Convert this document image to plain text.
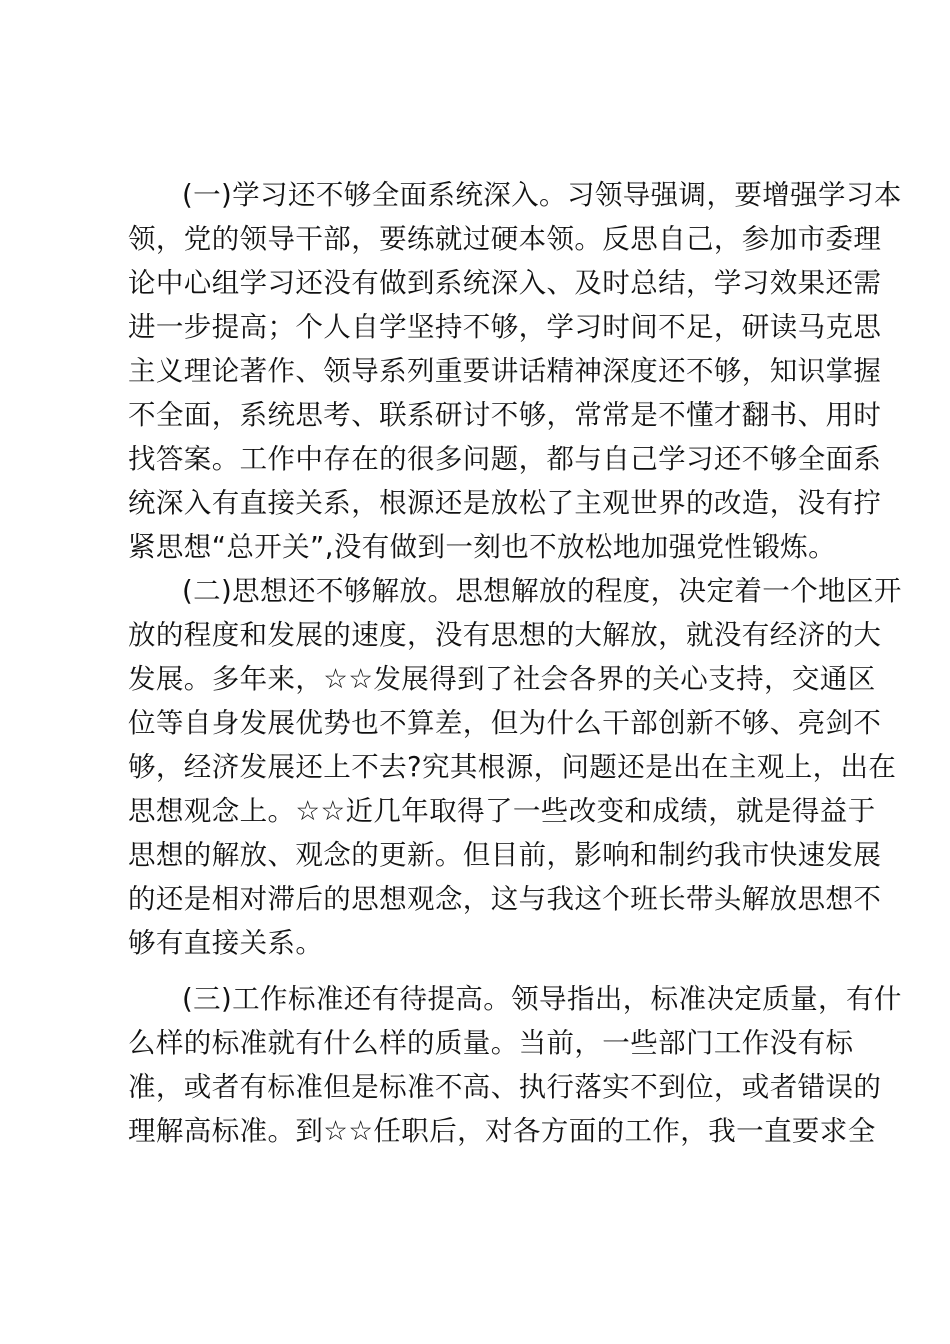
(一)学习还不够全面系统深入。习领导强调，要增强学习本
领，党的领导干部，要练就过硬本领。反思自己，参加市委理
论中心组学习还没有做到系统深入、及时总结，学习效果还需
进一步提高；个人自学坚持不够，学习时间不足，研读马克思
主义理论著作、领导系列重要讲话精神深度还不够，知识掌握
不全面，系统思考、联系研讨不够，常常是不懂才翻书、用时
找答案。工作中存在的很多问题，都与自己学习还不够全面系
统深入有直接关系，根源还是放松了主观世界的改造，没有拧
紧思想“总开关”,没有做到一刻也不放松地加强党性锻炼。
(二)思想还不够解放。思想解放的程度，决定着一个地区开
放的程度和发展的速度，没有思想的大解放，就没有经济的大
发展。多年来，☆☆发展得到了社会各界的关心支持，交通区
位等自身发展优势也不算差，但为什么干部创新不够、亮剑不
够，经济发展还上不去?究其根源，问题还是出在主观上，出在
思想观念上。☆☆近几年取得了一些改变和成绩，就是得益于
思想的解放、观念的更新。但目前，影响和制约我市快速发展
的还是相对滞后的思想观念，这与我这个班长带头解放思想不
够有直接关系。
(三)工作标准还有待提高。领导指出，标准决定质量，有什
么样的标准就有什么样的质量。当前，一些部门工作没有标
准，或者有标准但是标准不高、执行落实不到位，或者错误的
理解高标准。到☆☆任职后，对各方面的工作，我一直要求全
